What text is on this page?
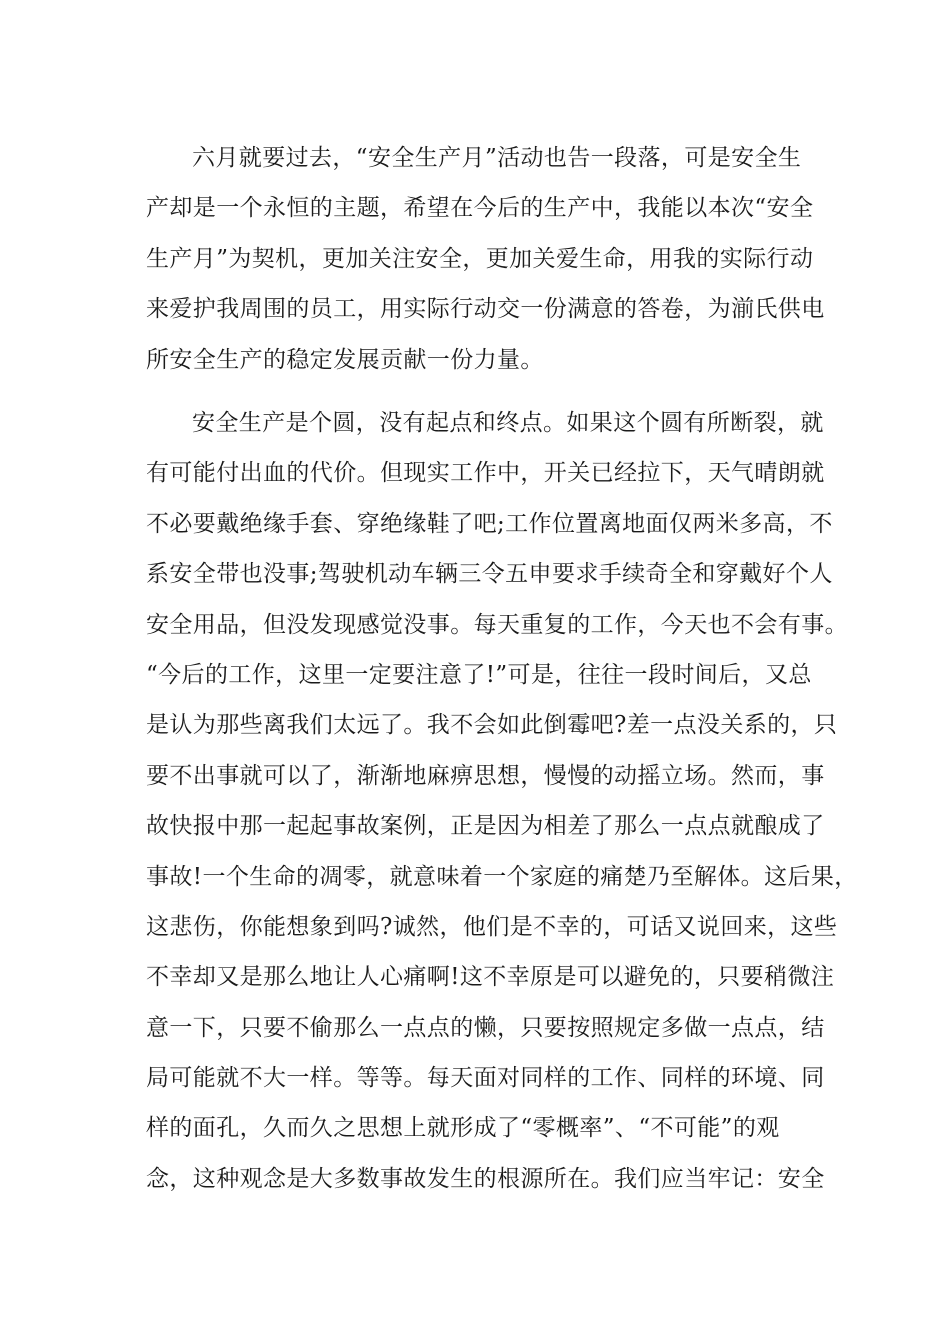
六月就要过去，“安全生产月”活动也告一段落，可是安全生
产却是一个永恒的主题，希望在今后的生产中，我能以本次“安全
生产月”为契机，更加关注安全，更加关爱生命，用我的实际行动
来爱护我周围的员工，用实际行动交一份满意的答卷，为湔氏供电
所安全生产的稳定发展贡献一份力量。
安全生产是个圆，没有起点和终点。如果这个圆有所断裂，就
有可能付出血的代价。但现实工作中，开关已经拉下，天气晴朗就
不必要戴绝缘手套、穿绝缘鞋了吧;工作位置离地面仅两米多高，不
系安全带也没事;驾驶机动车辆三令五申要求手续奇全和穿戴好个人
安全用品，但没发现感觉没事。每天重复的工作，今天也不会有事。
“今后的工作，这里一定要注意了!”可是，往往一段时间后，又总
是认为那些离我们太远了。我不会如此倒霉吧?差一点没关系的，只
要不出事就可以了，渐渐地麻痹思想，慢慢的动摇立场。然而，事
故快报中那一起起事故案例，正是因为相差了那么一点点就酿成了
事故!一个生命的凋零，就意味着一个家庭的痛楚乃至解体。这后果，
这悲伤，你能想象到吗?诚然，他们是不幸的，可话又说回来，这些
不幸却又是那么地让人心痛啊!这不幸原是可以避免的，只要稍微注
意一下，只要不偷那么一点点的懒，只要按照规定多做一点点，结
局可能就不大一样。等等。每天面对同样的工作、同样的环境、同
样的面孔，久而久之思想上就形成了“零概率”、“不可能”的观
念，这种观念是大多数事故发生的根源所在。我们应当牢记：安全
